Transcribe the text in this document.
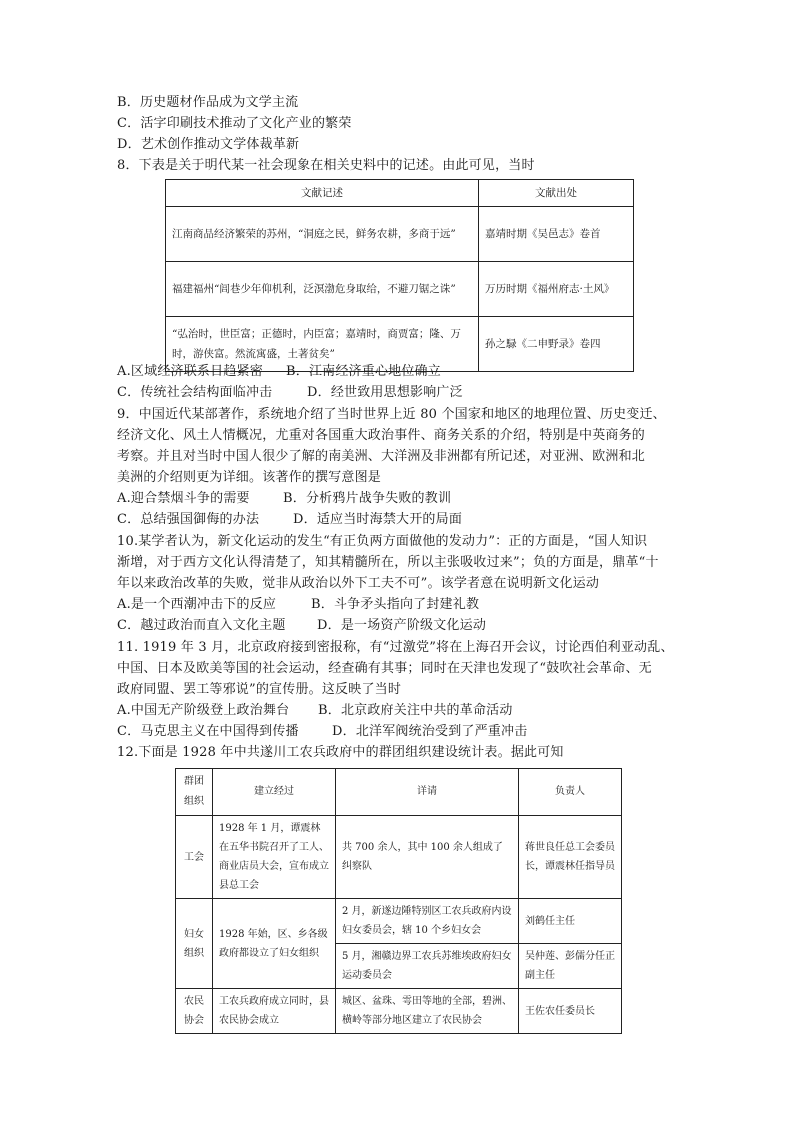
B．历史题材作品成为文学主流
C．活字印刷技术推动了文化产业的繁荣
D．艺术创作推动文学体裁革新
8．下表是关于明代某一社会现象在相关史料中的记述。由此可见，当时
文献记述	文献出处
江南商品经济繁荣的苏州，“洞庭之民，鲜务农耕，多商于远”	嘉靖时期《吴邑志》卷首
福建福州“闾巷少年仰机利，泛溟渤危身取给，不避刀锯之诛”	万历时期《福州府志·土风》
“弘治时，世臣富；正德时，内臣富；嘉靖时，商贾富；隆、万时，游侠富。然流寓盛，土著贫矣”	孙之騄《二申野录》卷四
A.区域经济联系日趋紧密 B．江南经济重心地位确立
C．传统社会结构面临冲击	D．经世致用思想影响广泛
9．中国近代某部著作，系统地介绍了当时世界上近 80 个国家和地区的地理位置、历史变迁、
经济文化、风土人情概况，尤重对各国重大政治事件、商务关系的介绍，特别是中英商务的
考察。并且对当时中国人很少了解的南美洲、大洋洲及非洲都有所记述，对亚洲、欧洲和北
美洲的介绍则更为详细。该著作的撰写意图是
A.迎合禁烟斗争的需要	B．分析鸦片战争失败的教训
C．总结强国御侮的办法	D．适应当时海禁大开的局面
10.某学者认为，新文化运动的发生“有正负两方面做他的发动力”：正的方面是，“国人知识
渐增，对于西方文化认得清楚了，知其精髓所在，所以主张吸收过来”；负的方面是，鼎革“十
年以来政治改革的失败，觉非从政治以外下工夫不可”。该学者意在说明新文化运动
A.是一个西潮冲击下的反应	B．斗争矛头指向了封建礼教
C．越过政治而直入文化主题 D．是一场资产阶级文化运动
11. 1919 年 3 月，北京政府接到密报称，有“过激党”将在上海召开会议，讨论西伯利亚动乱、
中国、日本及欧美等国的社会运动，经查确有其事；同时在天津也发现了“鼓吹社会革命、无
政府同盟、罢工等邪说”的宣传册。这反映了当时
A.中国无产阶级登上政治舞台 B．北京政府关注中共的革命活动
C．马克思主义在中国得到传播	D．北洋军阀统治受到了严重冲击
12.下面是 1928 年中共遂川工农兵政府中的群团组织建设统计表。据此可知
群团组织	建立经过	详请	负责人
工会	1928 年 1 月，谭震林在五华书院召开了工人、商业店员大会，宣布成立县总工会	共 700 余人，其中 100 余人组成了纠察队	蒋世良任总工会委员长，谭震林任指导员
妇女组织	1928 年始，区、乡各级政府都设立了妇女组织	2 月，新遂边陲特别区工农兵政府内设妇女委员会，辖 10 个乡妇女会	刘鹤任主任
		5 月，湘赣边界工农兵苏维埃政府妇女运动委员会	吴仲莲、彭儒分任正副主任
农民协会	工农兵政府成立同时，县农民协会成立	城区、盆珠、雩田等地的全部，碧洲、横岭等部分地区建立了农民协会	王佐农任委员长
